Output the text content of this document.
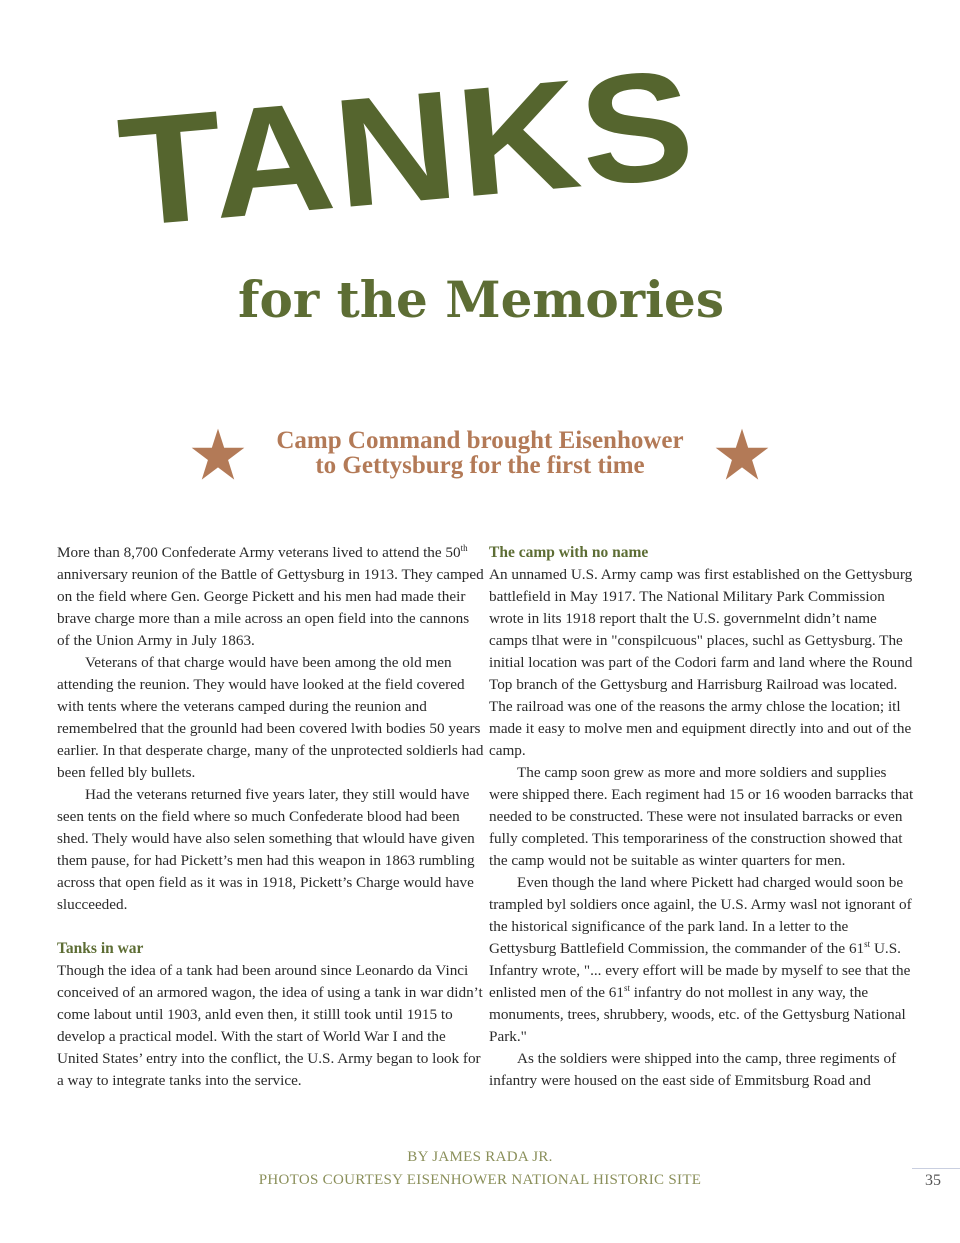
TANKS
for the Memories
Camp Command brought Eisenhower
to Gettysburg for the first time

More than 8,700 Confederate Army veterans lived to attend the 50th anniversary reunion of the Battle of Gettysburg in 1913. They camped on the field where Gen. George Pickett and his men had made their brave charge more than a mile across an open field into the cannons of the Union Army in July 1863.

Veterans of that charge would have been among the old men attending the reunion. They would have looked at the field covered with tents where the veterans camped during the reunion and remembelred that the grounld had been covered lwith bodies 50 years earlier. In that desperate charge, many of the unprotected soldierls had been felled bly bullets.

Had the veterans returned five years later, they still would have seen tents on the field where so much Confederate blood had been shed. Thely would have also selen something that wlould have given them pause, for had Pickett’s men had this weapon in 1863 rumbling across that open field as it was in 1918, Pickett’s Charge would have slucceeded.

Tanks in war

Though the idea of a tank had been around since Leonardo da Vinci conceived of an armored wagon, the idea of using a tank in war didn’t come labout until 1903, anld even then, it stilll took until 1915 to develop a practical model. With the start of World War I and the United States’ entry into the conflict, the U.S. Army began to look for a way to integrate tanks into the service.

The camp with no name

An unnamed U.S. Army camp was first established on the Gettysburg battlefield in May 1917. The National Military Park Commission wrote in lits 1918 report thalt the U.S. governmelnt didn’t name camps tlhat were in "conspilcuous" places, suchl as Gettysburg. The initial location was part of the Codori farm and land where the Round Top branch of the Gettysburg and Harrisburg Railroad was located. The railroad was one of the reasons the army chlose the location; itl made it easy to molve men and equipment directly into and out of the camp.

The camp soon grew as more and more soldiers and supplies were shipped there. Each regiment had 15 or 16 wooden barracks that needed to be constructed. These were not insulated barracks or even fully completed. This temporariness of the construction showed that the camp would not be suitable as winter quarters for men.

Even though the land where Pickett had charged would soon be trampled byl soldiers once againl, the U.S. Army wasl not ignorant of the historical significance of the park land. In a letter to the Gettysburg Battlefield Commission, the commander of the 61st U.S. Infantry wrote, "... every effort will be made by myself to see that the enlisted men of the 61st infantry do not mollest in any way, the monuments, trees, shrubbery, woods, etc. of the Gettysburg National Park."

As the soldiers were shipped into the camp, three regiments of infantry were housed on the east side of Emmitsburg Road and

BY JAMES RADA JR.
PHOTOS COURTESY EISENHOWER NATIONAL HISTORIC SITE	35
